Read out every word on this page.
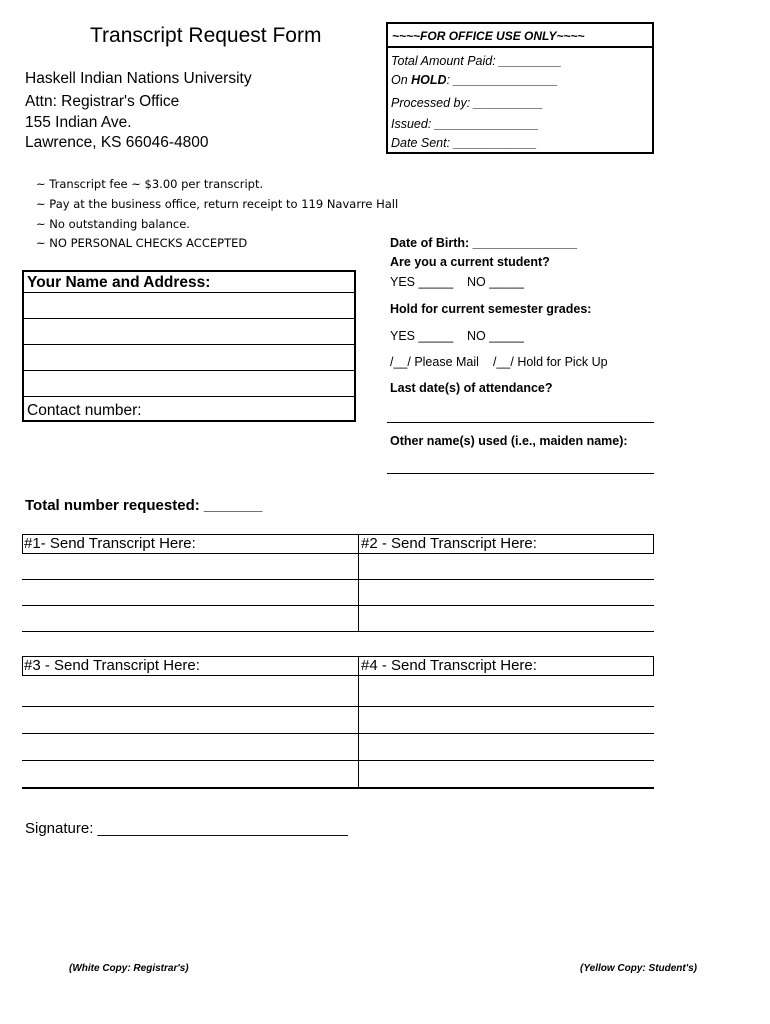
Transcript Request Form
Haskell Indian Nations University
Attn: Registrar's Office
155 Indian Ave.
Lawrence, KS 66046-4800
~~~~FOR OFFICE USE ONLY~~~~
Total Amount Paid: _________
On HOLD: _______________
Processed by: __________
Issued: _______________
Date Sent: ____________
~ Transcript fee ~ $3.00 per transcript.
~ Pay at the business office, return receipt to 119 Navarre Hall
~ No outstanding balance.
~ NO PERSONAL CHECKS ACCEPTED
Your Name and Address:
Contact number:
Date of Birth: _______________
Are you a current student?
YES _____ NO _____
Hold for current semester grades:
YES _____ NO _____
/__/ Please Mail /__/ Hold for Pick Up
Last date(s) of attendance?
Other name(s) used (i.e., maiden name):
Total number requested: _______
#1- Send Transcript Here:	#2 - Send Transcript Here:
#3 - Send Transcript Here:	#4 - Send Transcript Here:
Signature: ______________________________
(White Copy: Registrar's)	(Yellow Copy: Student's)
